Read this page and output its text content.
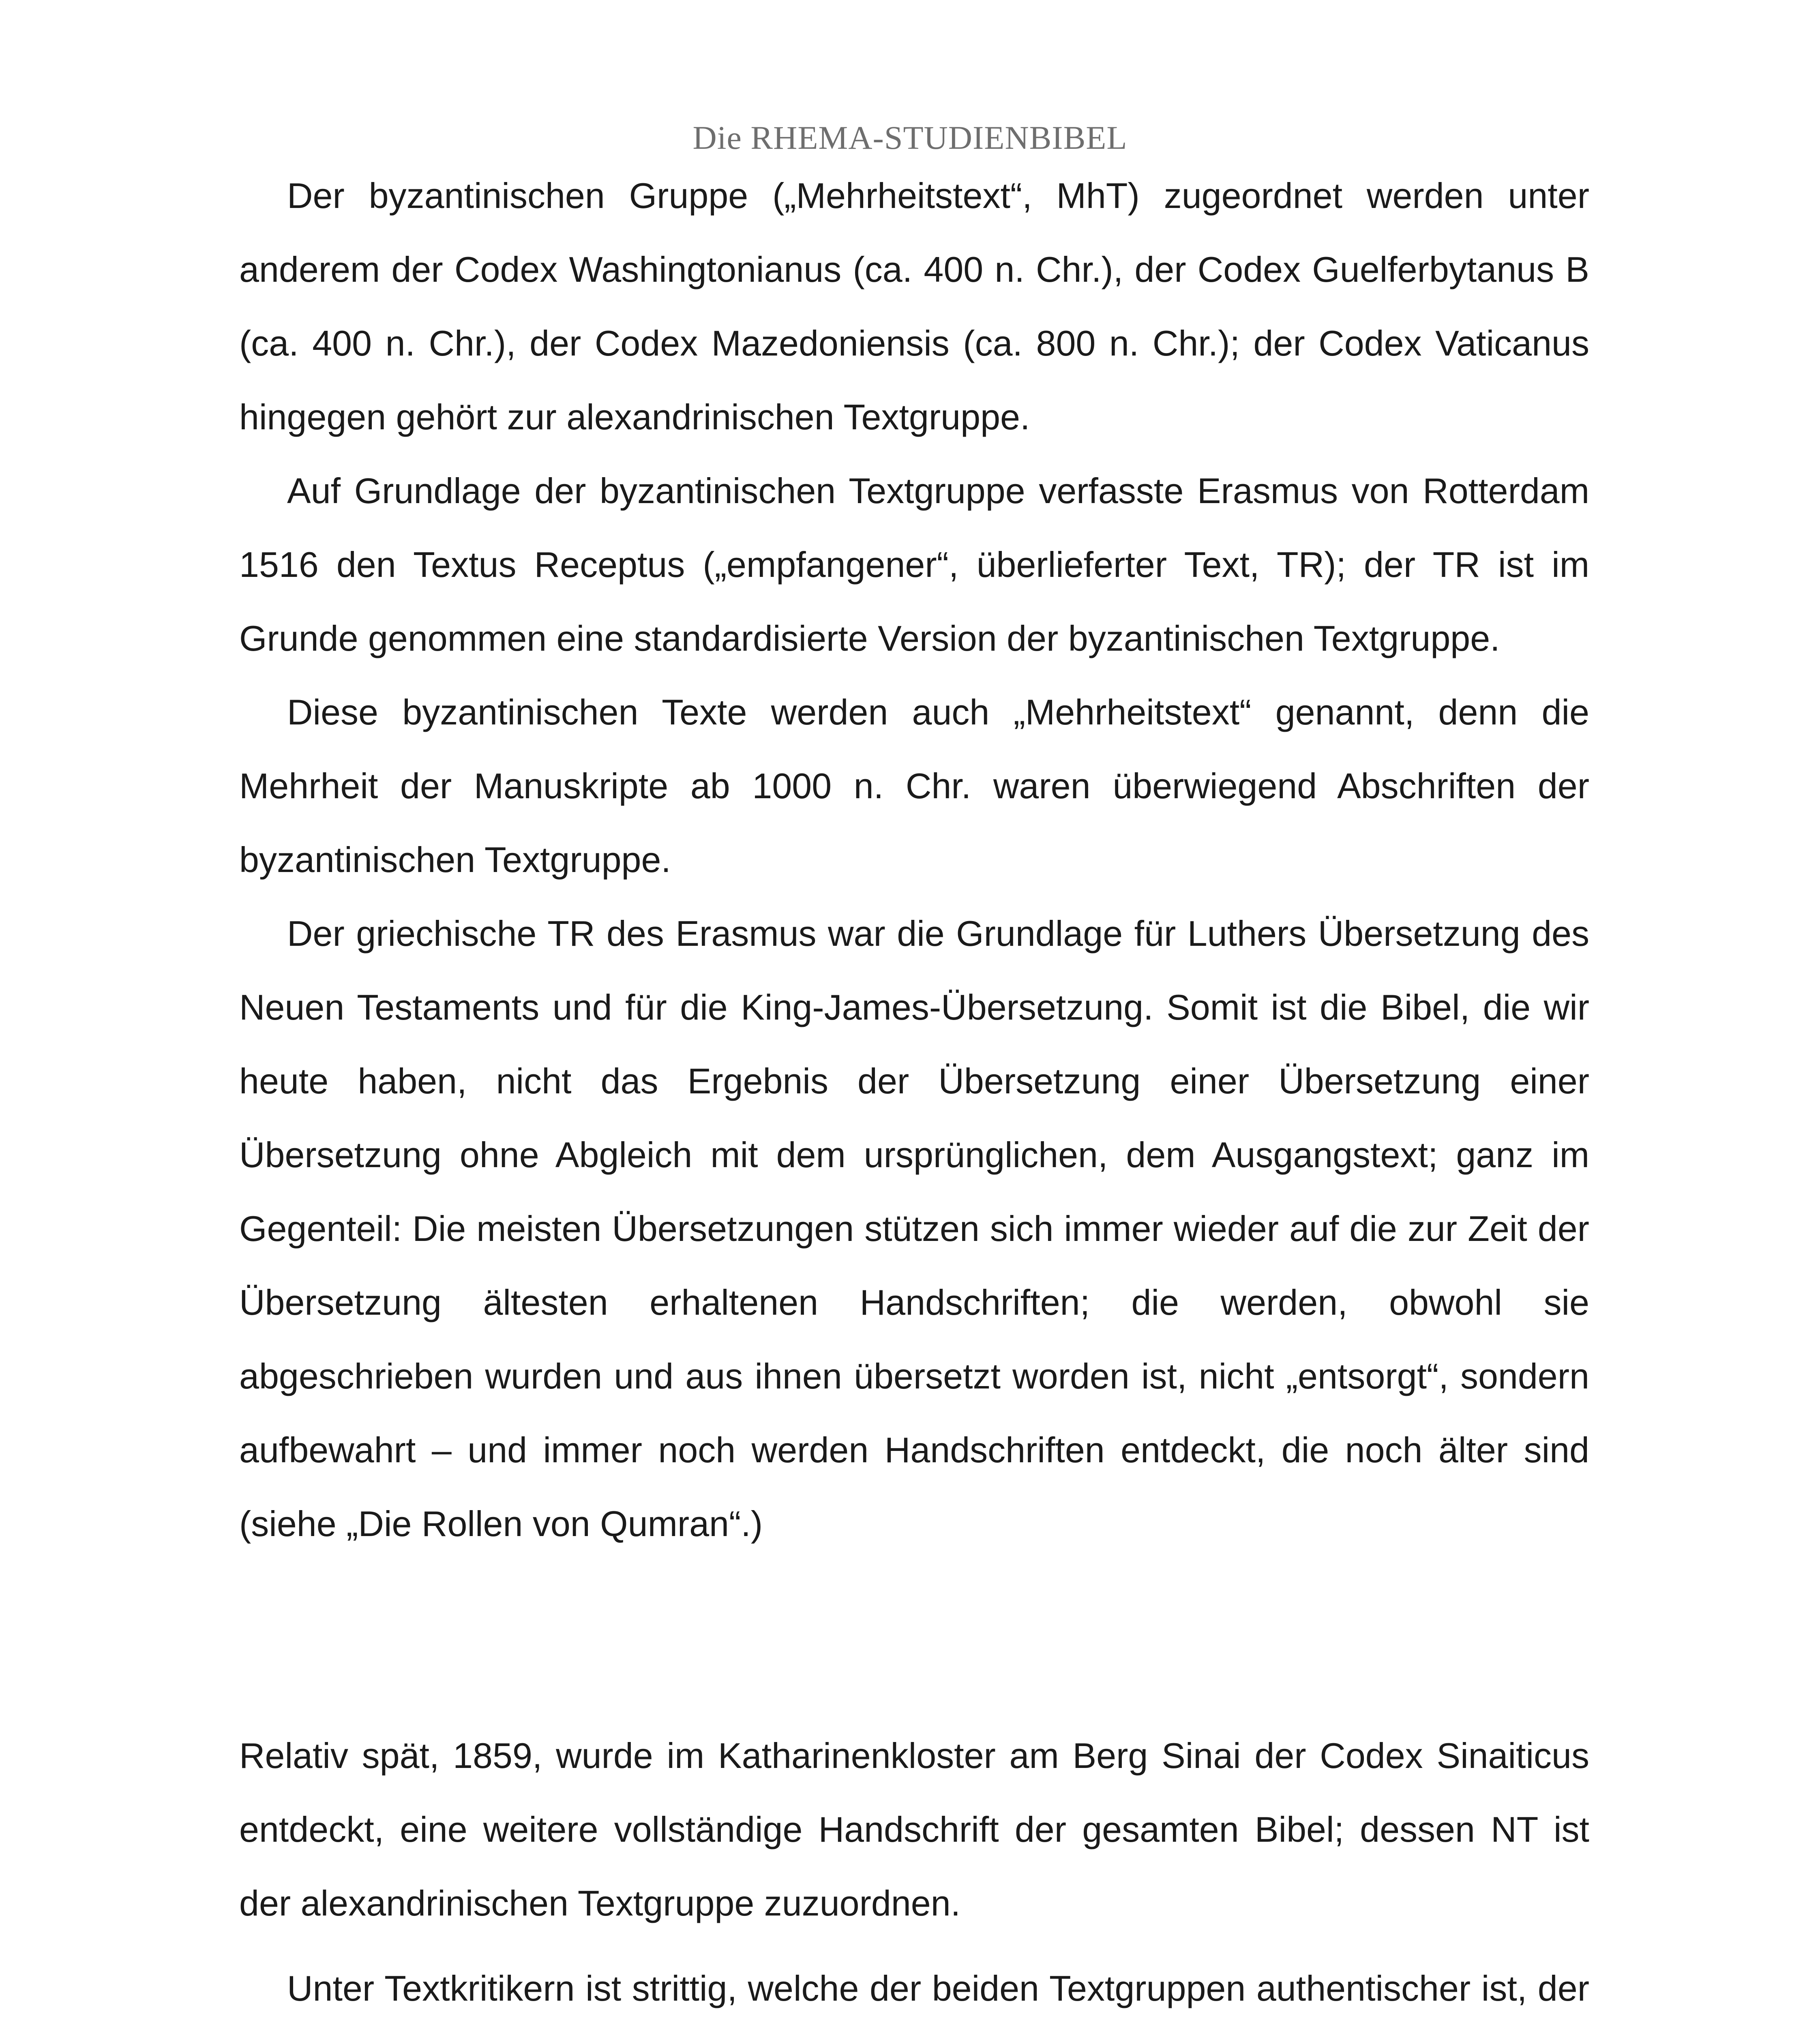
Die RHEMA-STUDIENBIBEL

Der byzantinischen Gruppe („Mehrheitstext“, MhT) zugeordnet werden unter anderem der Codex Washingtonianus (ca. 400 n. Chr.), der Codex Guelferbytanus B (ca. 400 n. Chr.), der Codex Mazedoniensis (ca. 800 n. Chr.); der Codex Vaticanus hingegen gehört zur alexandrinischen Textgruppe.

Auf Grundlage der byzantinischen Textgruppe verfasste Erasmus von Rotterdam 1516 den Textus Receptus („empfangener“, überlieferter Text, TR); der TR ist im Grunde genommen eine standardisierte Version der byzantinischen Textgruppe.

Diese byzantinischen Texte werden auch „Mehrheitstext“ genannt, denn die Mehrheit der Manuskripte ab 1000 n. Chr. waren überwiegend Abschriften der byzantinischen Textgruppe.

Der griechische TR des Erasmus war die Grundlage für Luthers Übersetzung des Neuen Testaments und für die King-James-Übersetzung. Somit ist die Bibel, die wir heute haben, nicht das Ergebnis der Übersetzung einer Übersetzung einer Übersetzung ohne Abgleich mit dem ursprünglichen, dem Ausgangstext; ganz im Gegenteil: Die meisten Übersetzungen stützen sich immer wieder auf die zur Zeit der Übersetzung ältesten erhaltenen Handschriften; die werden, obwohl sie abgeschrieben wurden und aus ihnen übersetzt worden ist, nicht „entsorgt“, sondern aufbewahrt – und immer noch werden Handschriften entdeckt, die noch älter sind (siehe „Die Rollen von Qumran“.)

Relativ spät, 1859, wurde im Katharinenkloster am Berg Sinai der Codex Sinaiticus entdeckt, eine weitere vollständige Handschrift der gesamten Bibel; dessen NT ist der alexandrinischen Textgruppe zuzuordnen.

Unter Textkritikern ist strittig, welche der beiden Textgruppen authentischer ist, der
